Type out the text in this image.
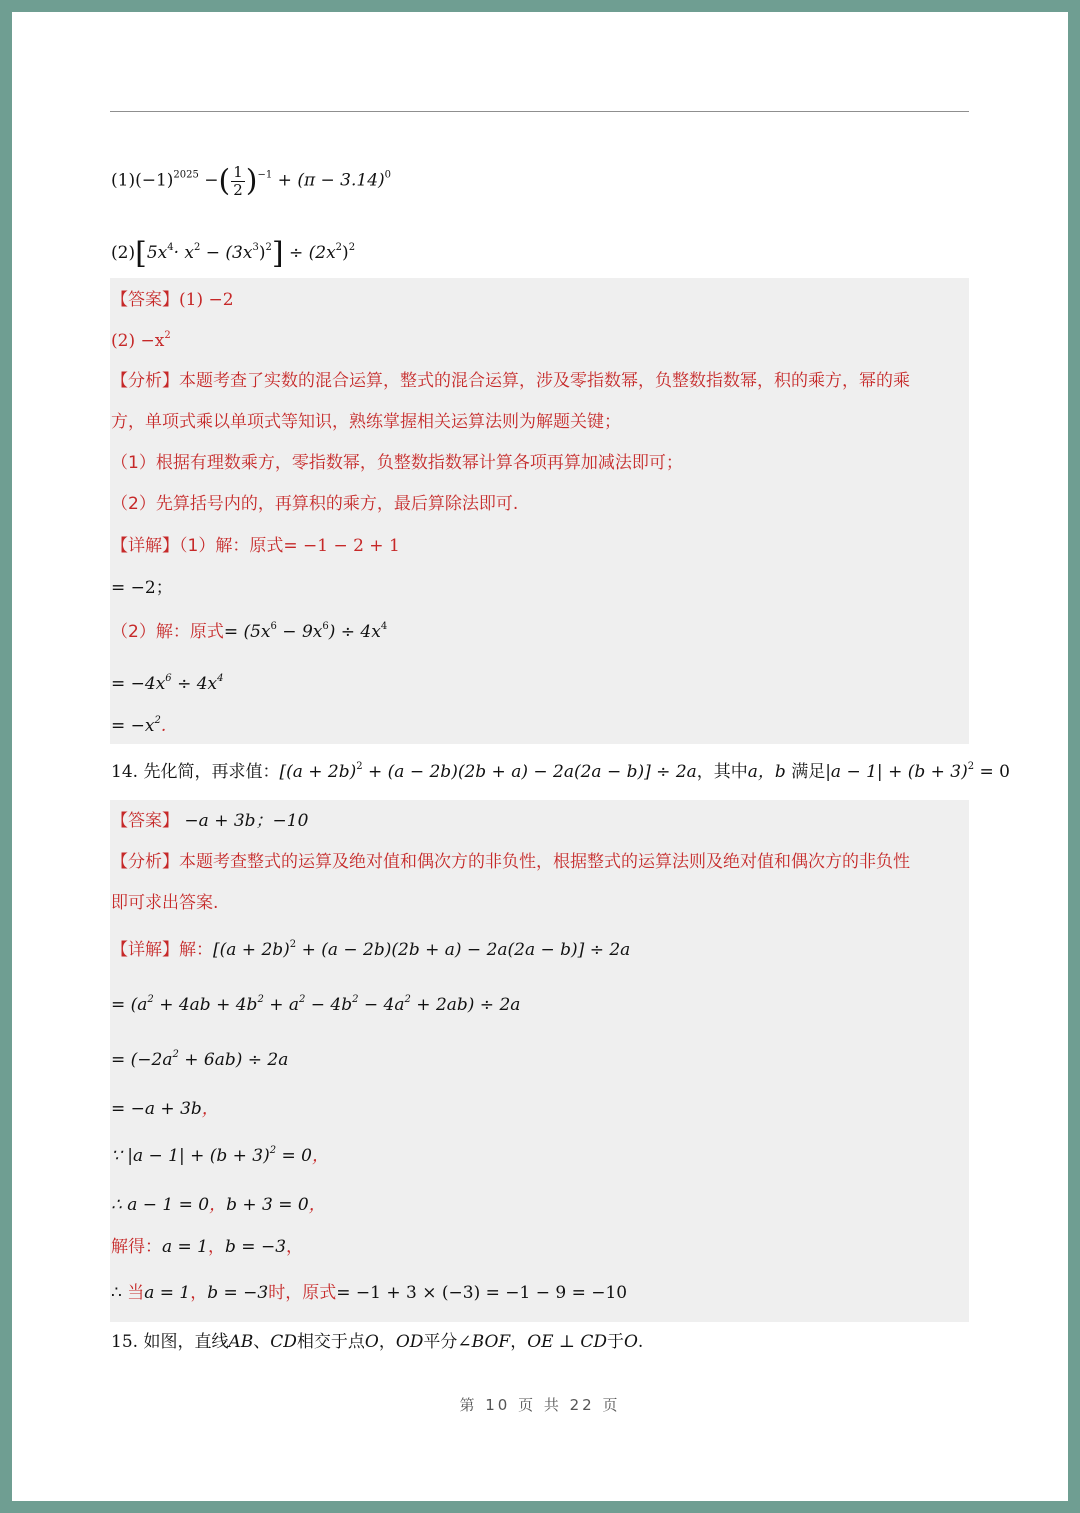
$(1)(-1)^{2025}$ −( $\frac{1}{2} )^{-1} + (\pi - 3.14)^0$
$(2)[5x^4\cdot x^2 - (3x^3)^2] \div (2x^2)^2$
【答案】(1) −2
$(2) -x^2$
【分析】本题考查了实数的混合运算，整式的混合运算，涉及零指数幂，负整数指数幂，积的乘方，幂的乘
方，单项式乘以单项式等知识，熟练掌握相关运算法则为解题关键；
（1）根据有理数乘方，零指数幂，负整数指数幂计算各项再算加减法即可；
（2）先算括号内的，再算积的乘方，最后算除法即可.
【详解】（1）解：原式= −1 − 2 + 1
= −2；
（2）解：原式= $(5x^6 - 9x^6) \div 4x^4$
= $-4x^6 \div 4x^4$
= $-x^2$.
14. 先化简，再求值：$[(a + 2b)^2 + (a - 2b)(2b + a) - 2a(2a - b)] \div 2a$，其中a，b 满足$|a - 1| + (b + 3)^2 = 0$
【答案】 −a + 3b；−10
【分析】本题考查整式的运算及绝对值和偶次方的非负性，根据整式的运算法则及绝对值和偶次方的非负性
即可求出答案.
【详解】解：$[(a + 2b)^2 + (a - 2b)(2b + a) - 2a(2a - b)] \div 2a$
= $(a^2 + 4ab + 4b^2 + a^2 - 4b^2 - 4a^2 + 2ab) \div 2a$
= $(-2a^2 + 6ab) \div 2a$
= −a + 3b，
∵ $|a - 1| + (b + 3)^2 = 0$，
∴ a − 1 = 0，b + 3 = 0，
解得：a = 1，b = −3，
∴ 当a = 1，b = −3时，原式= −1 + 3 × (−3) = −1 − 9 = −10
15. 如图，直线AB、CD相交于点O，OD平分∠BOF，OE ⊥ CD于O.
第 10 页 共 22 页
